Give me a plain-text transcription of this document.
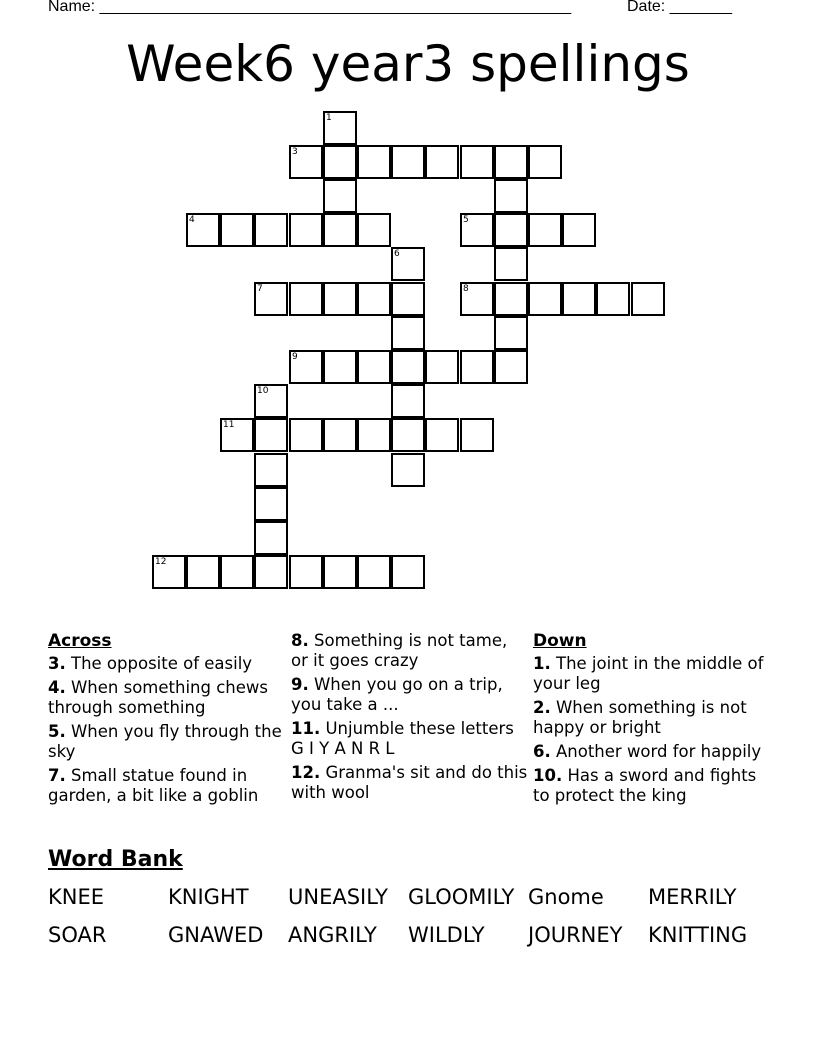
Name: _____________________________________________________	Date: _______
Week6 year3 spellings
1
3
4	5
6
7	8
9
10
11
12
Across
3. The opposite of easily
4. When something chews through something
5. When you fly through the sky
7. Small statue found in garden, a bit like a goblin
8. Something is not tame, or it goes crazy
9. When you go on a trip, you take a ...
11. Unjumble these letters G I Y A N R L
12. Granma's sit and do this with wool
Down
1. The joint in the middle of your leg
2. When something is not happy or bright
6. Another word for happily
10. Has a sword and fights to protect the king
Word Bank
KNEE	KNIGHT UNEASILY GLOOMILY Gnome MERRILY
SOAR	GNAWED ANGRILY WILDLY JOURNEY KNITTING
